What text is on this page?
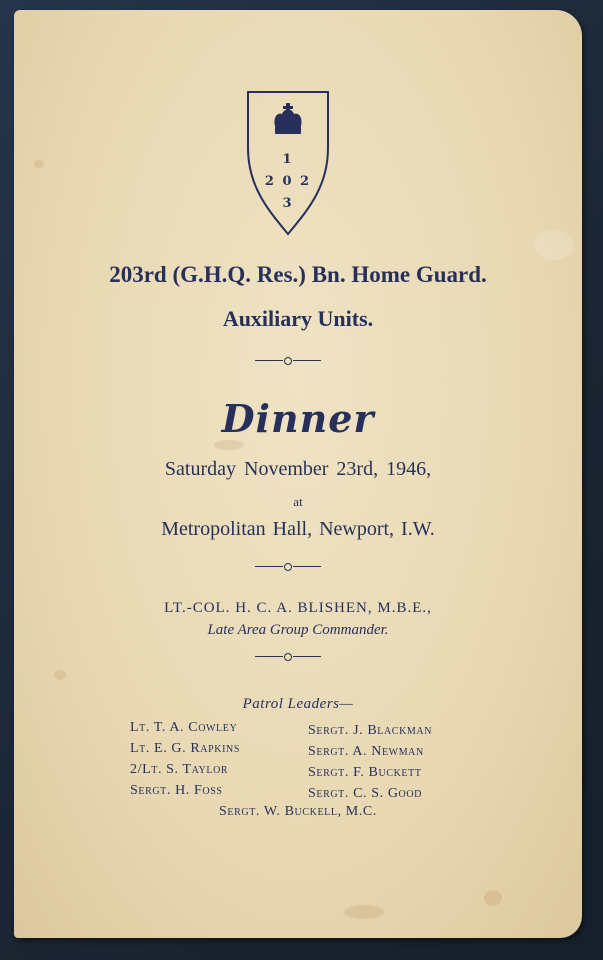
1
2 0 2
3
203rd (G.H.Q. Res.) Bn. Home Guard.
Auxiliary Units.
Dinner
Saturday November 23rd, 1946,
at
Metropolitan Hall, Newport, I.W.
LT.-COL. H. C. A. BLISHEN, M.B.E.,
Late Area Group Commander.
Patrol Leaders—
Lt. T. A. Cowley
Lt. E. G. Rapkins
2/Lt. S. Taylor
Sergt. H. Foss
Sergt. J. Blackman
Sergt. A. Newman
Sergt. F. Buckett
Sergt. C. S. Good
Sergt. W. Buckell, M.C.
